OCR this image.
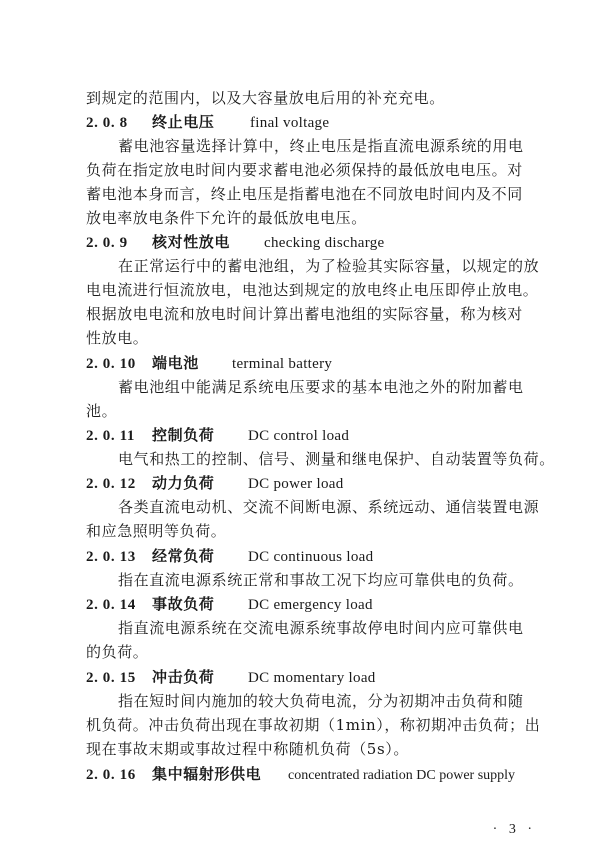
到规定的范围内，以及大容量放电后用的补充充电。
2. 0. 8 终止电压 final voltage
蓄电池容量选择计算中，终止电压是指直流电源系统的用电
负荷在指定放电时间内要求蓄电池必须保持的最低放电电压。对
蓄电池本身而言，终止电压是指蓄电池在不同放电时间内及不同
放电率放电条件下允许的最低放电电压。
2. 0. 9 核对性放电 checking discharge
在正常运行中的蓄电池组，为了检验其实际容量，以规定的放
电电流进行恒流放电，电池达到规定的放电终止电压即停止放电。
根据放电电流和放电时间计算出蓄电池组的实际容量，称为核对
性放电。
2. 0. 10 端电池 terminal battery
蓄电池组中能满足系统电压要求的基本电池之外的附加蓄电
池。
2. 0. 11 控制负荷 DC control load
电气和热工的控制、信号、测量和继电保护、自动装置等负荷。
2. 0. 12 动力负荷 DC power load
各类直流电动机、交流不间断电源、系统远动、通信装置电源
和应急照明等负荷。
2. 0. 13 经常负荷 DC continuous load
指在直流电源系统正常和事故工况下均应可靠供电的负荷。
2. 0. 14 事故负荷 DC emergency load
指直流电源系统在交流电源系统事故停电时间内应可靠供电
的负荷。
2. 0. 15 冲击负荷 DC momentary load
指在短时间内施加的较大负荷电流，分为初期冲击负荷和随
机负荷。冲击负荷出现在事故初期（1min），称初期冲击负荷；出
现在事故末期或事故过程中称随机负荷（5s）。
2. 0. 16 集中辐射形供电 concentrated radiation DC power supply
· 3 ·
